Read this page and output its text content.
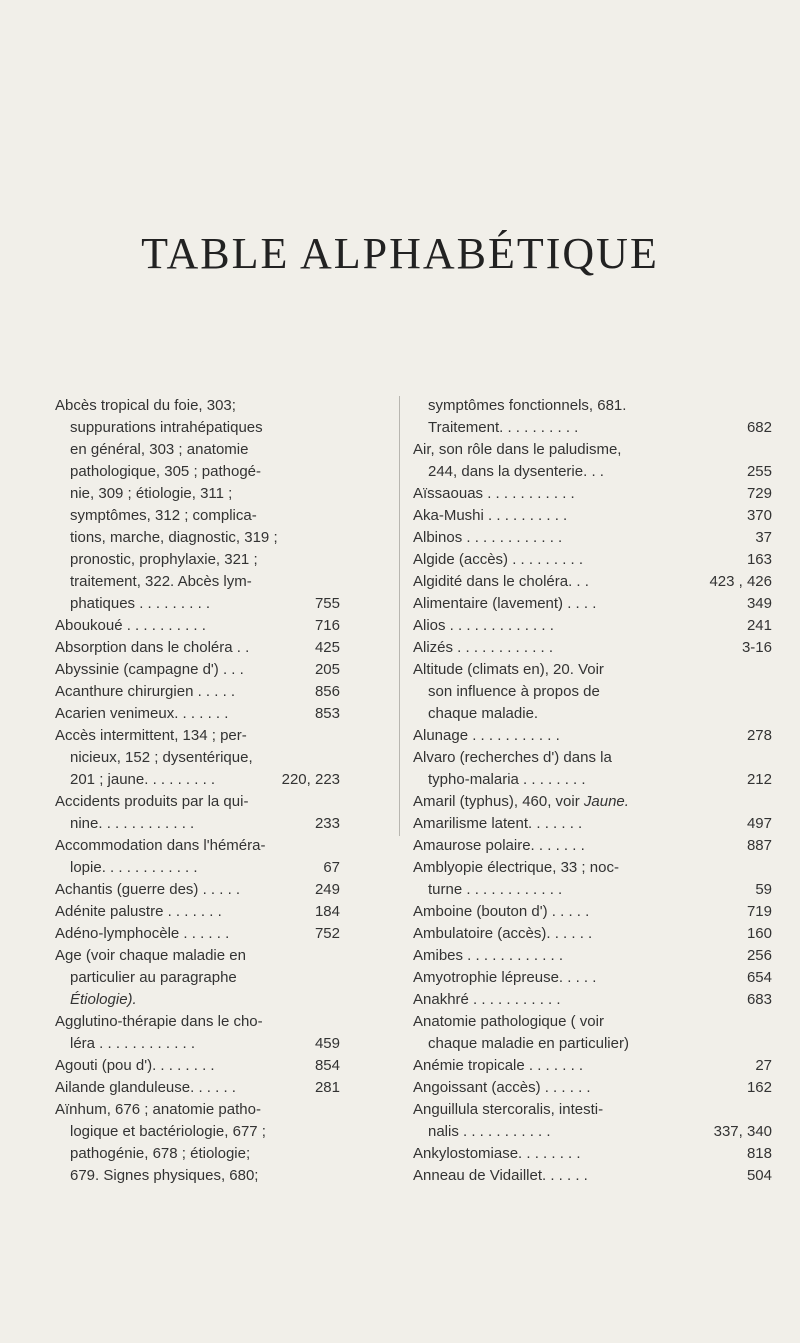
TABLE ALPHABÉTIQUE
Abcès tropical du foie, 303;
suppurations intrahépatiques
en général, 303 ; anatomie
pathologique, 305 ; pathogé-
nie, 309 ; étiologie, 311 ;
symptômes, 312 ; complica-
tions, marche, diagnostic, 319 ;
pronostic, prophylaxie, 321 ;
traitement, 322. Abcès lym-
phatiques . . . . . . . . .	755
Aboukoué . . . . . . . . . .	716
Absorption dans le choléra . .	425
Abyssinie (campagne d') . . .	205
Acanthure chirurgien . . . . .	856
Acarien venimeux. . . . . . .	853
Accès intermittent, 134 ; per-
nicieux, 152 ; dysentérique,
201 ; jaune. . . . . . . . .	220, 223
Accidents produits par la qui-
nine. . . . . . . . . . . .	233
Accommodation dans l'héméra-
lopie. . . . . . . . . . . .	67
Achantis (guerre des) . . . . .	249
Adénite palustre . . . . . . .	184
Adéno-lymphocèle . . . . . .	752
Age (voir chaque maladie en
particulier au paragraphe
Étiologie).
Agglutino-thérapie dans le cho-
léra . . . . . . . . . . . .	459
Agouti (pou d'). . . . . . . .	854
Ailande glanduleuse. . . . . .	281
Aïnhum, 676 ; anatomie patho-
logique et bactériologie, 677 ;
pathogénie, 678 ; étiologie;
679. Signes physiques, 680;
symptômes fonctionnels, 681.
Traitement. . . . . . . . . .	682
Air, son rôle dans le paludisme,
244, dans la dysenterie. . .	255
Aïssaouas . . . . . . . . . . .	729
Aka-Mushi . . . . . . . . . .	370
Albinos . . . . . . . . . . . .	37
Algide (accès) . . . . . . . . .	163
Algidité dans le choléra. . .	423 , 426
Alimentaire (lavement) . . . .	349
Alios . . . . . . . . . . . . .	241
Alizés . . . . . . . . . . . .	3-16
Altitude (climats en), 20. Voir
son influence à propos de
chaque maladie.
Alunage . . . . . . . . . . .	278
Alvaro (recherches d') dans la
typho-malaria . . . . . . . .	212
Amaril (typhus), 460, voir Jaune.
Amarilisme latent. . . . . . .	497
Amaurose polaire. . . . . . .	887
Amblyopie électrique, 33 ; noc-
turne . . . . . . . . . . . .	59
Amboine (bouton d') . . . . .	719
Ambulatoire (accès). . . . . .	160
Amibes . . . . . . . . . . . .	256
Amyotrophie lépreuse. . . . .	654
Anakhré . . . . . . . . . . .	683
Anatomie pathologique ( voir
chaque maladie en particulier)
Anémie tropicale . . . . . . .	27
Angoissant (accès) . . . . . .	162
Anguillula stercoralis, intesti-
nalis . . . . . . . . . . .	337, 340
Ankylostomiase. . . . . . . .	818
Anneau de Vidaillet. . . . . .	504
